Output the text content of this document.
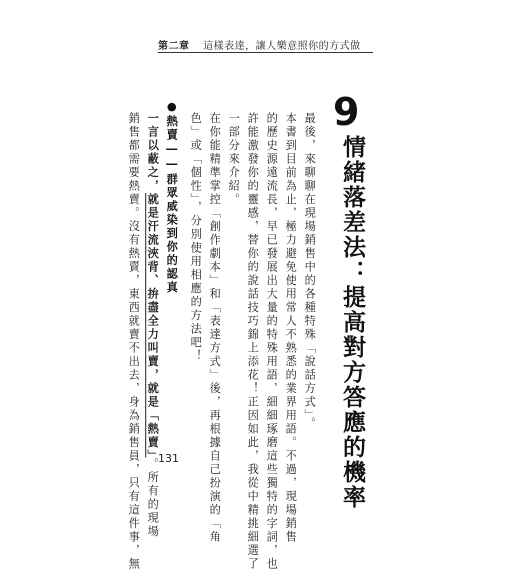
第二章 這樣表達，讓人樂意照你的方式做
9
情緒落差法：提高對方答應的機率
最後，來聊聊在現場銷售中的各種特殊「說話方式」。
本書到目前為止，極力避免使用常人不熟悉的業界用語。不過，現場銷售
的歷史源遠流長，早已發展出大量的特殊用語，細細琢磨這些獨特的字詞，也
許能激發你的靈感，替你的說話技巧錦上添花！正因如此，我從中精挑細選了
一部分來介紹。
在你能精準掌控「創作劇本」和「表達方式」後，再根據自己扮演的「角
色」或「個性」，分別使用相應的方法吧！
●熱賣――群眾威染到你的認真
一言以蔽之，就是汗流浹背、拚盡全力叫賣，就是「熱賣」。所有的現場
銷售都需要熱賣。沒有熱賣，東西就賣不出去，身為銷售員，只有這件事，無 131
